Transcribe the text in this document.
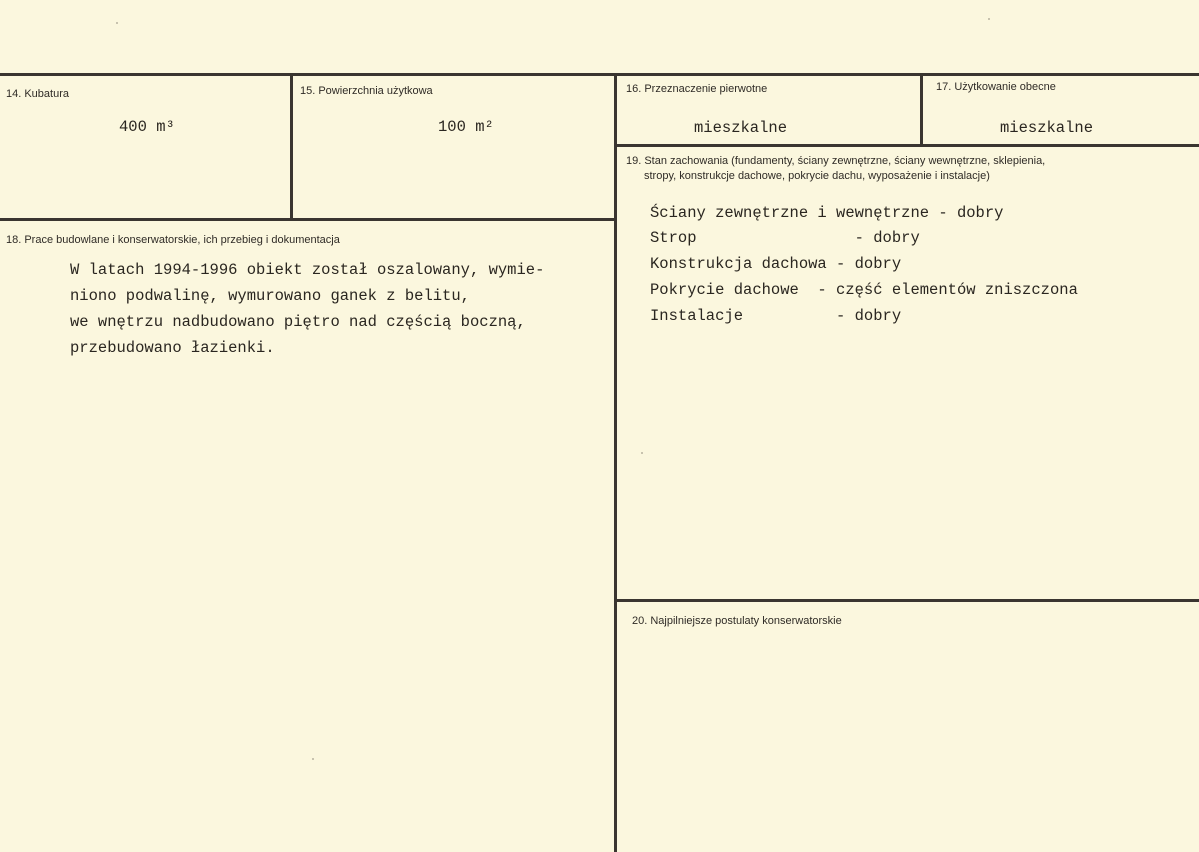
14. Kubatura
400 m³
15. Powierzchnia użytkowa
100 m²
16. Przeznaczenie pierwotne
mieszkalne
17. Użytkowanie obecne
mieszkalne
18. Prace budowlane i konserwatorskie, ich przebieg i dokumentacja
W latach 1994-1996 obiekt został oszalowany, wymie-
niono podwalinę, wymurowano ganek z belitu,
we wnętrzu nadbudowano piętro nad częścią boczną,
przebudowano łazienki.
19. Stan zachowania (fundamenty, ściany zewnętrzne, ściany wewnętrzne, sklepienia,
stropy, konstrukcje dachowe, pokrycie dachu, wyposażenie i instalacje)
Ściany zewnętrzne i wewnętrzne - dobry
Strop                 - dobry
Konstrukcja dachowa - dobry
Pokrycie dachowe  - część elementów zniszczona
Instalacje          - dobry
20. Najpilniejsze postulaty konserwatorskie
